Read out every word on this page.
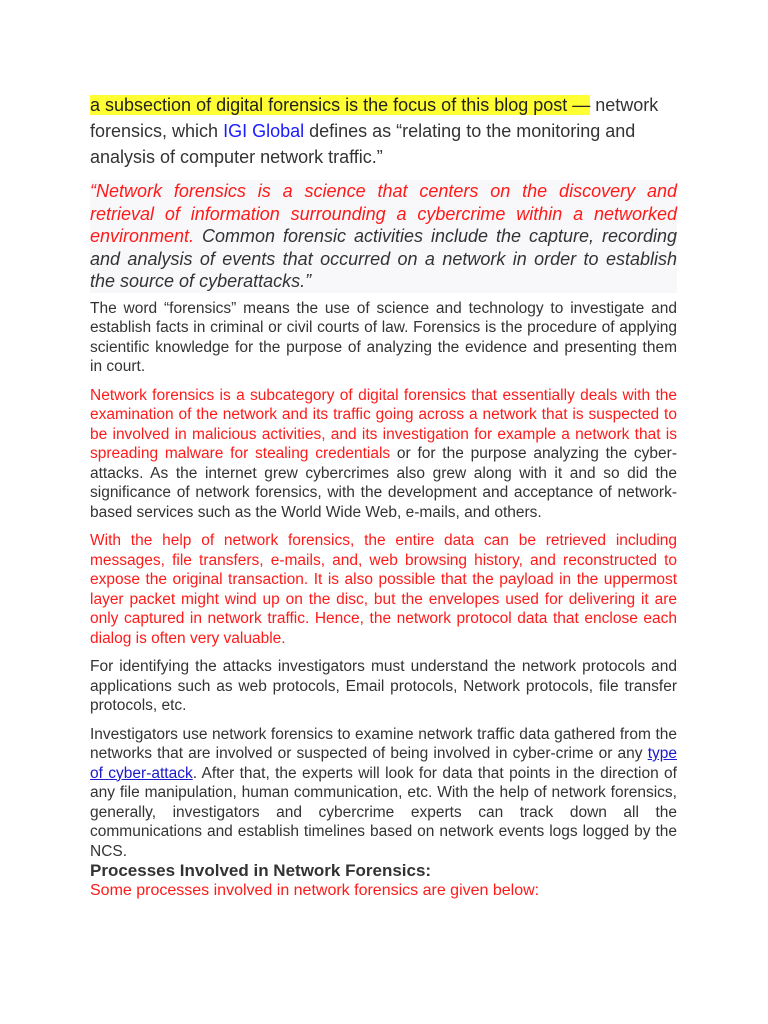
a subsection of digital forensics is the focus of this blog post — network forensics, which IGI Global defines as “relating to the monitoring and analysis of computer network traffic.”

“Network forensics is a science that centers on the discovery and retrieval of information surrounding a cybercrime within a networked environment. Common forensic activities include the capture, recording and analysis of events that occurred on a network in order to establish the source of cyberattacks.”

The word “forensics” means the use of science and technology to investigate and establish facts in criminal or civil courts of law. Forensics is the procedure of applying scientific knowledge for the purpose of analyzing the evidence and presenting them in court.

Network forensics is a subcategory of digital forensics that essentially deals with the examination of the network and its traffic going across a network that is suspected to be involved in malicious activities, and its investigation for example a network that is spreading malware for stealing credentials or for the purpose analyzing the cyber-attacks. As the internet grew cybercrimes also grew along with it and so did the significance of network forensics, with the development and acceptance of network-based services such as the World Wide Web, e-mails, and others.

With the help of network forensics, the entire data can be retrieved including messages, file transfers, e-mails, and, web browsing history, and reconstructed to expose the original transaction. It is also possible that the payload in the uppermost layer packet might wind up on the disc, but the envelopes used for delivering it are only captured in network traffic. Hence, the network protocol data that enclose each dialog is often very valuable.

For identifying the attacks investigators must understand the network protocols and applications such as web protocols, Email protocols, Network protocols, file transfer protocols, etc.

Investigators use network forensics to examine network traffic data gathered from the networks that are involved or suspected of being involved in cyber-crime or any type of cyber-attack. After that, the experts will look for data that points in the direction of any file manipulation, human communication, etc. With the help of network forensics, generally, investigators and cybercrime experts can track down all the communications and establish timelines based on network events logs logged by the NCS.

Processes Involved in Network Forensics:

Some processes involved in network forensics are given below:
